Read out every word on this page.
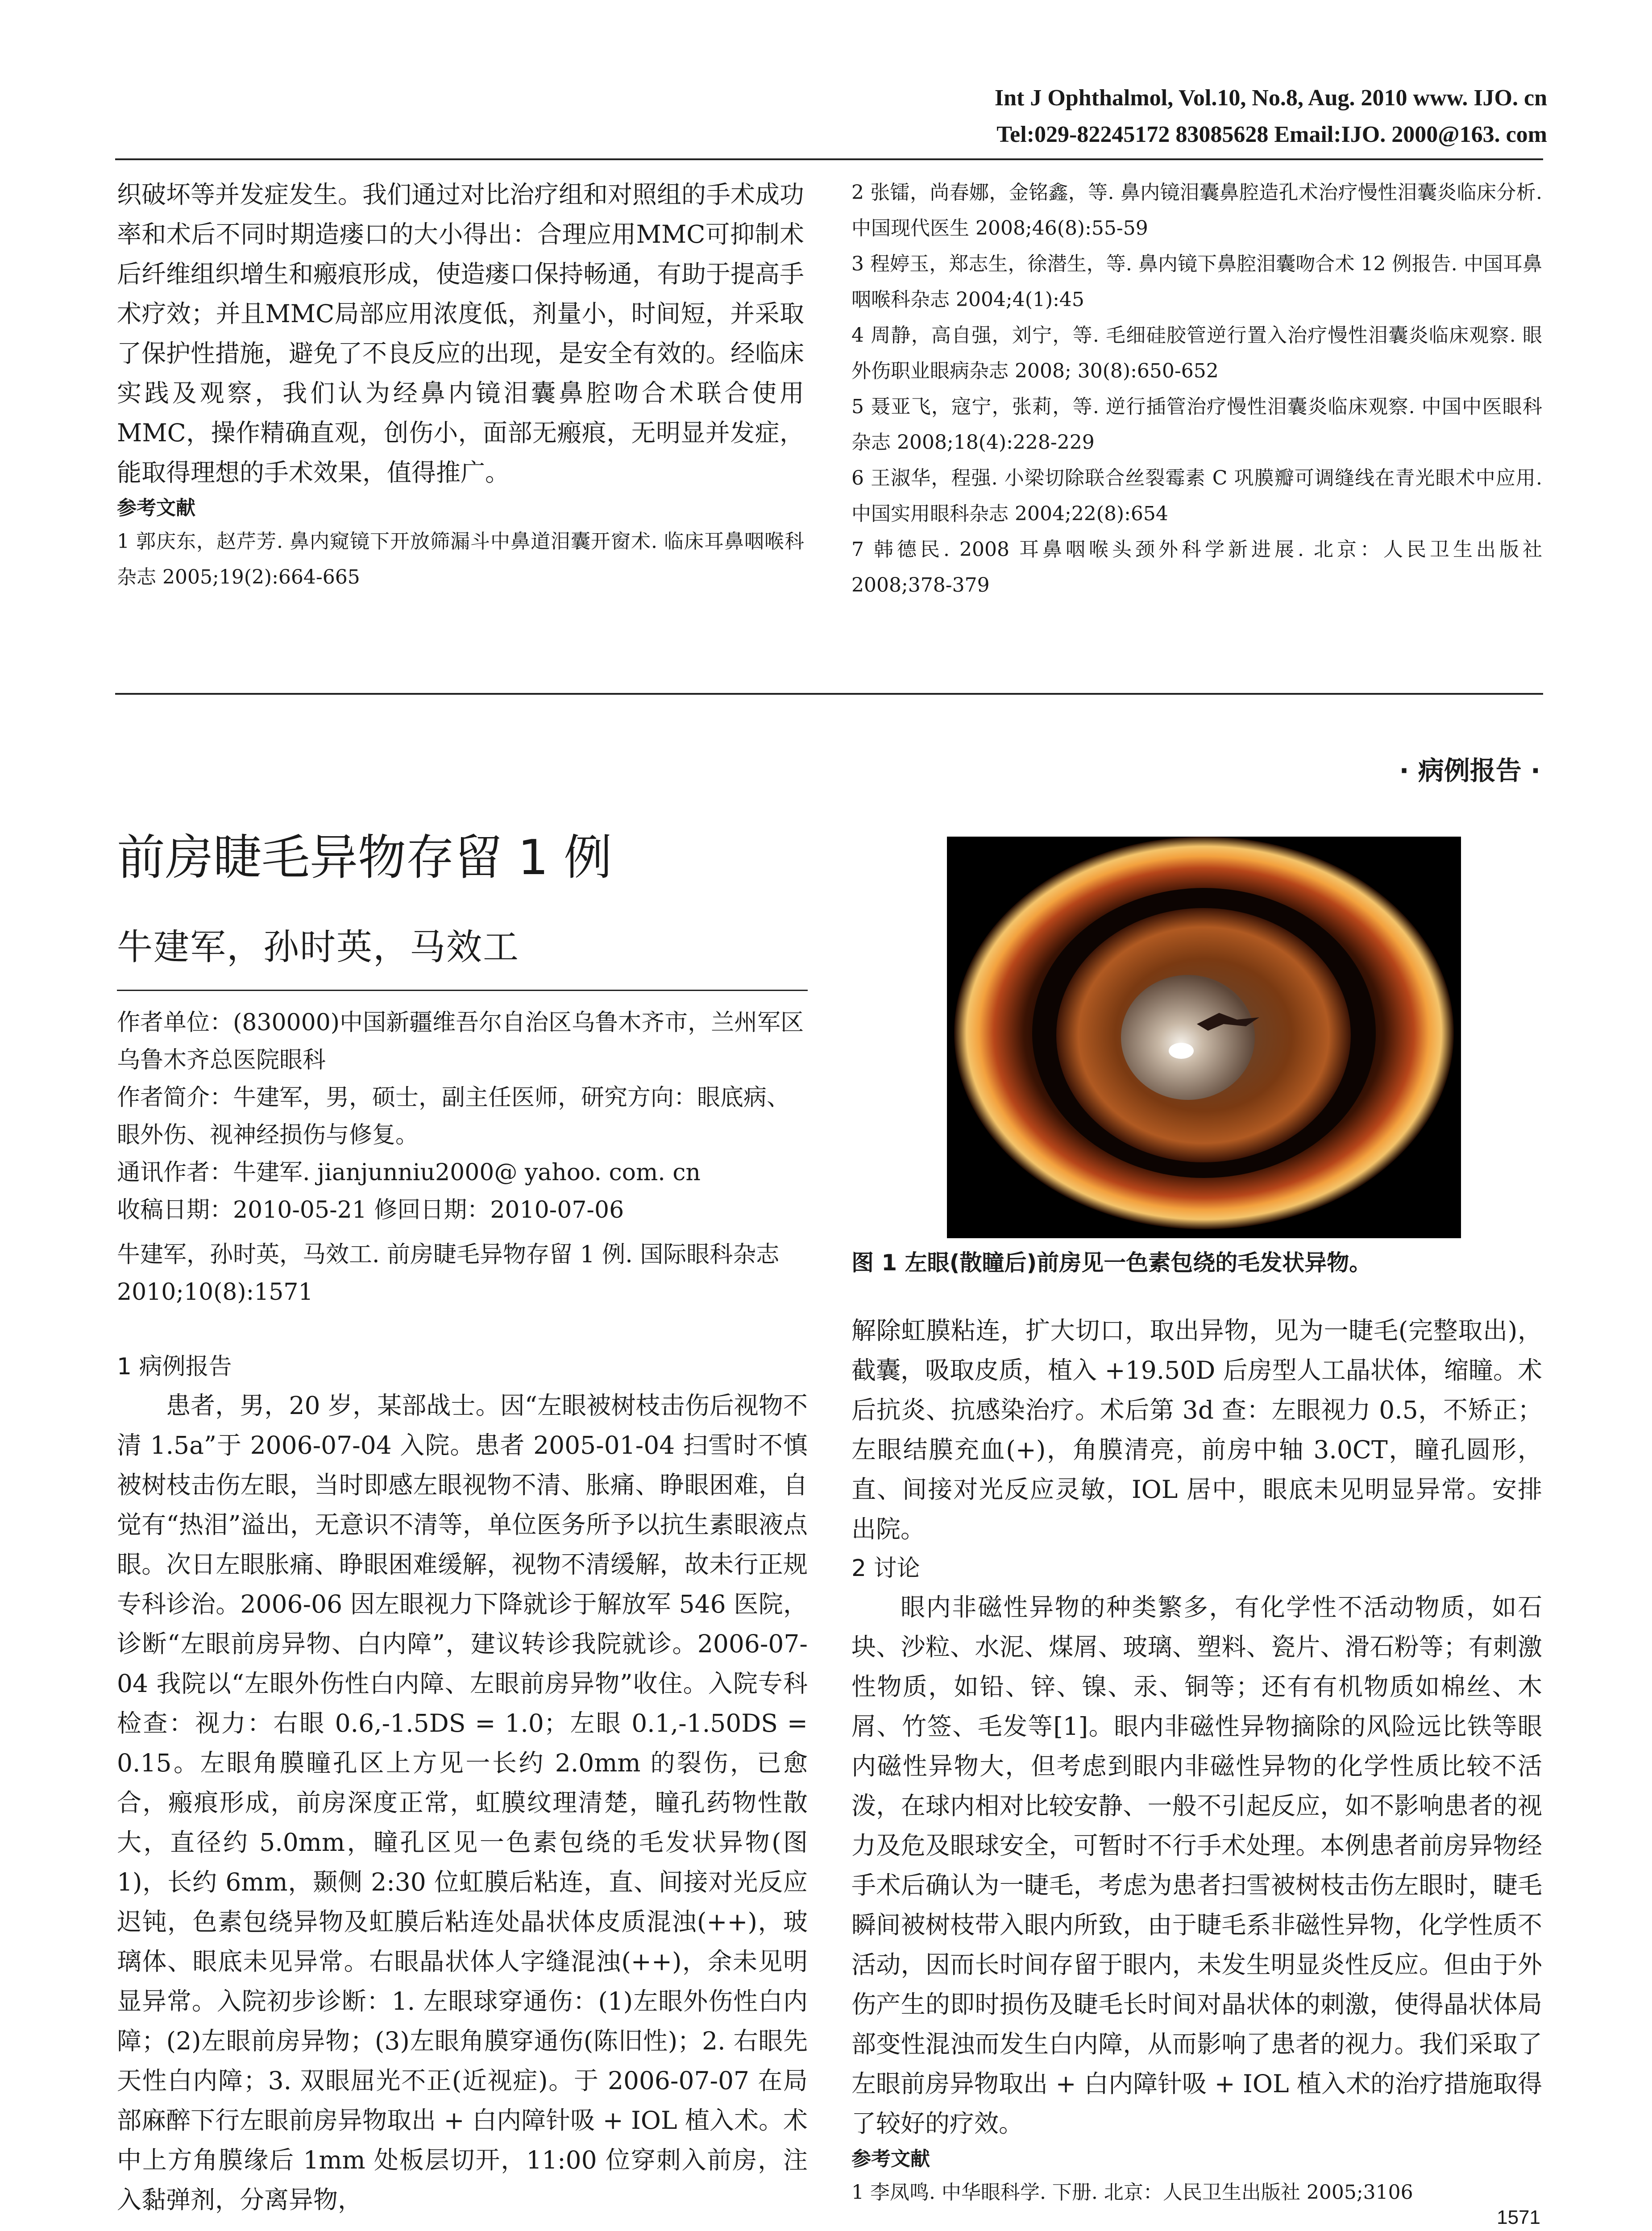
Int J Ophthalmol, Vol.10, No.8, Aug. 2010 www. IJO. cn
Tel:029-82245172 83085628 Email:IJO. 2000@163. com

织破坏等并发症发生。我们通过对比治疗组和对照组的手术成功率和术后不同时期造瘘口的大小得出：合理应用MMC可抑制术后纤维组织增生和瘢痕形成，使造瘘口保持畅通，有助于提高手术疗效；并且MMC局部应用浓度低，剂量小，时间短，并采取了保护性措施，避免了不良反应的出现，是安全有效的。经临床实践及观察，我们认为经鼻内镜泪囊鼻腔吻合术联合使用MMC，操作精确直观，创伤小，面部无瘢痕，无明显并发症，能取得理想的手术效果，值得推广。

参考文献

1 郭庆东，赵芹芳. 鼻内窥镜下开放筛漏斗中鼻道泪囊开窗术. 临床耳鼻咽喉科杂志 2005;19(2):664-665

2 张镭，尚春娜，金铭鑫，等. 鼻内镜泪囊鼻腔造孔术治疗慢性泪囊炎临床分析. 中国现代医生 2008;46(8):55-59

3 程婷玉，郑志生，徐潜生，等. 鼻内镜下鼻腔泪囊吻合术 12 例报告. 中国耳鼻咽喉科杂志 2004;4(1):45

4 周静，高自强，刘宁，等. 毛细硅胶管逆行置入治疗慢性泪囊炎临床观察. 眼外伤职业眼病杂志 2008; 30(8):650-652

5 聂亚飞，寇宁，张莉，等. 逆行插管治疗慢性泪囊炎临床观察. 中国中医眼科杂志 2008;18(4):228-229

6 王淑华，程强. 小梁切除联合丝裂霉素 C 巩膜瓣可调缝线在青光眼术中应用. 中国实用眼科杂志 2004;22(8):654

7 韩德民. 2008 耳鼻咽喉头颈外科学新进展. 北京：人民卫生出版社 2008;378-379

· 病例报告 ·
前房睫毛异物存留 1 例
牛建军，孙时英，马效工

作者单位：(830000)中国新疆维吾尔自治区乌鲁木齐市，兰州军区乌鲁木齐总医院眼科

作者简介：牛建军，男，硕士，副主任医师，研究方向：眼底病、眼外伤、视神经损伤与修复。

通讯作者：牛建军. jianjunniu2000@ yahoo. com. cn

收稿日期：2010-05-21 修回日期：2010-07-06

牛建军，孙时英，马效工. 前房睫毛异物存留 1 例. 国际眼科杂志 2010;10(8):1571

1 病例报告

患者，男，20 岁，某部战士。因“左眼被树枝击伤后视物不清 1.5a”于 2006-07-04 入院。患者 2005-01-04 扫雪时不慎被树枝击伤左眼，当时即感左眼视物不清、胀痛、睁眼困难，自觉有“热泪”溢出，无意识不清等，单位医务所予以抗生素眼液点眼。次日左眼胀痛、睁眼困难缓解，视物不清缓解，故未行正规专科诊治。2006-06 因左眼视力下降就诊于解放军 546 医院，诊断“左眼前房异物、白内障”，建议转诊我院就诊。2006-07-04 我院以“左眼外伤性白内障、左眼前房异物”收住。入院专科检查：视力：右眼 0.6,-1.5DS = 1.0；左眼 0.1,-1.50DS = 0.15。左眼角膜瞳孔区上方见一长约 2.0mm 的裂伤，已愈合，瘢痕形成，前房深度正常，虹膜纹理清楚，瞳孔药物性散大，直径约 5.0mm，瞳孔区见一色素包绕的毛发状异物(图 1)，长约 6mm，颞侧 2:30 位虹膜后粘连，直、间接对光反应迟钝，色素包绕异物及虹膜后粘连处晶状体皮质混浊(++)，玻璃体、眼底未见异常。右眼晶状体人字缝混浊(++)，余未见明显异常。入院初步诊断：1. 左眼球穿通伤：(1)左眼外伤性白内障；(2)左眼前房异物；(3)左眼角膜穿通伤(陈旧性)；2. 右眼先天性白内障；3. 双眼屈光不正(近视症)。于 2006-07-07 在局部麻醉下行左眼前房异物取出 + 白内障针吸 + IOL 植入术。术中上方角膜缘后 1mm 处板层切开，11:00 位穿刺入前房，注入黏弹剂，分离异物，

图 1 左眼(散瞳后)前房见一色素包绕的毛发状异物。

解除虹膜粘连，扩大切口，取出异物，见为一睫毛(完整取出)，截囊，吸取皮质，植入 +19.50D 后房型人工晶状体，缩瞳。术后抗炎、抗感染治疗。术后第 3d 查：左眼视力 0.5，不矫正；左眼结膜充血(+)，角膜清亮，前房中轴 3.0CT，瞳孔圆形，直、间接对光反应灵敏，IOL 居中，眼底未见明显异常。安排出院。

2 讨论

眼内非磁性异物的种类繁多，有化学性不活动物质，如石块、沙粒、水泥、煤屑、玻璃、塑料、瓷片、滑石粉等；有刺激性物质，如铅、锌、镍、汞、铜等；还有有机物质如棉丝、木屑、竹签、毛发等[1]。眼内非磁性异物摘除的风险远比铁等眼内磁性异物大，但考虑到眼内非磁性异物的化学性质比较不活泼，在球内相对比较安静、一般不引起反应，如不影响患者的视力及危及眼球安全，可暂时不行手术处理。本例患者前房异物经手术后确认为一睫毛，考虑为患者扫雪被树枝击伤左眼时，睫毛瞬间被树枝带入眼内所致，由于睫毛系非磁性异物，化学性质不活动，因而长时间存留于眼内，未发生明显炎性反应。但由于外伤产生的即时损伤及睫毛长时间对晶状体的刺激，使得晶状体局部变性混浊而发生白内障，从而影响了患者的视力。我们采取了左眼前房异物取出 + 白内障针吸 + IOL 植入术的治疗措施取得了较好的疗效。

参考文献

1 李凤鸣. 中华眼科学. 下册. 北京：人民卫生出版社 2005;3106

1571
